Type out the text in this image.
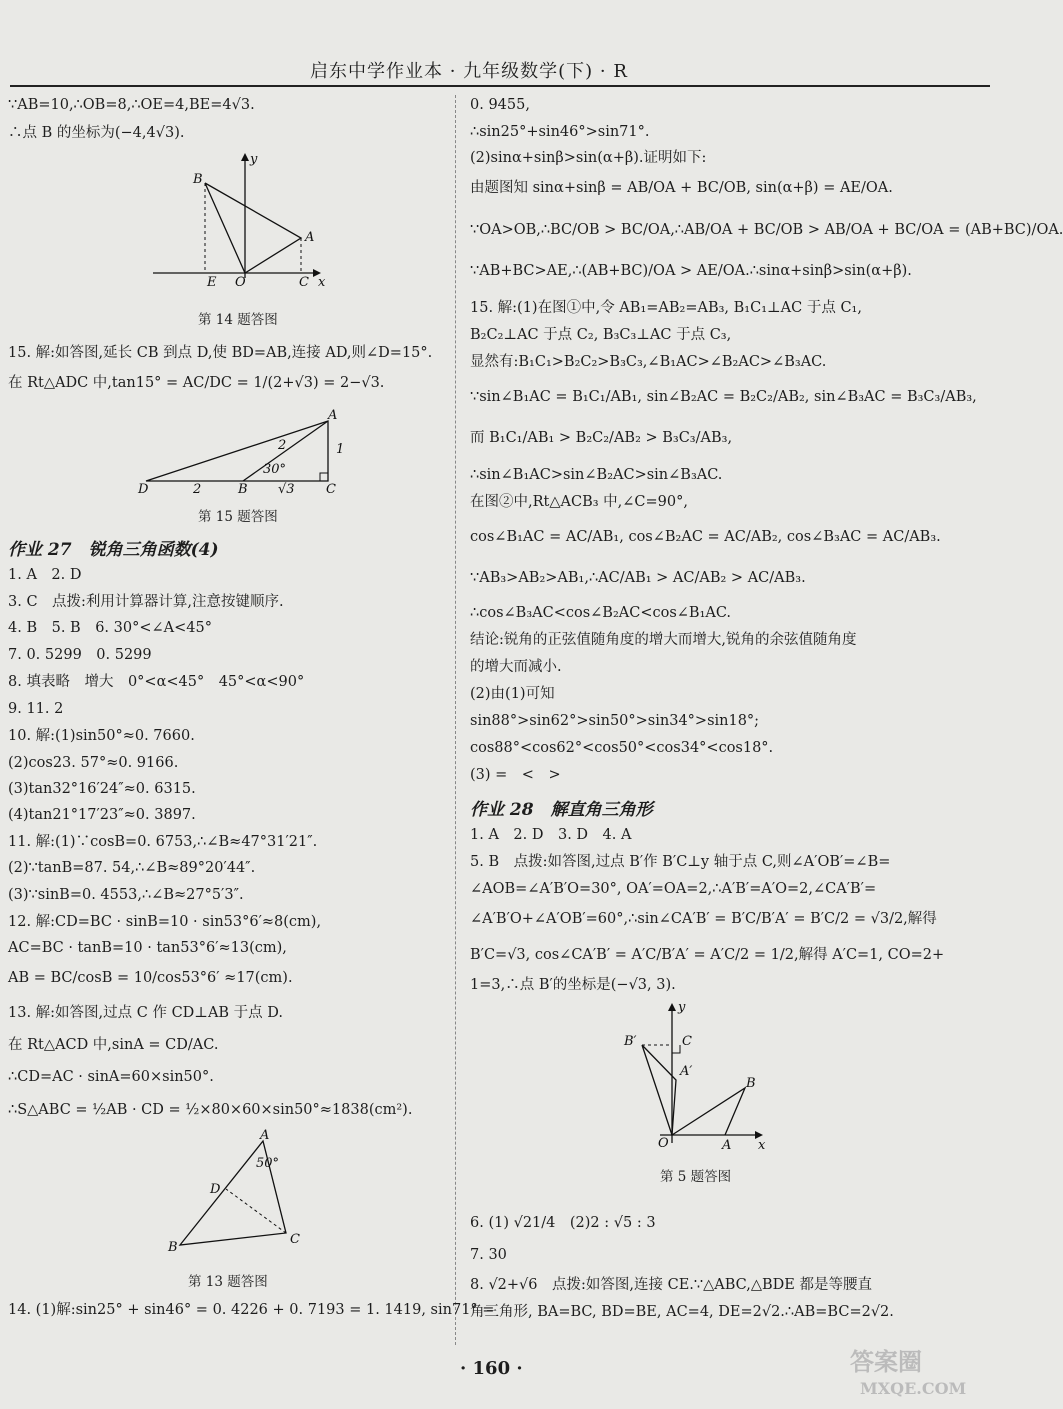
启东中学作业本 · 九年级数学(下) · R
∵AB=10,∴OB=8,∴OE=4,BE=4√3.
∴点 B 的坐标为(−4,4√3).
B
A
E O	C x
y
第 14 题答图
15. 解:如答图,延长 CB 到点 D,使 BD=AB,连接 AD,则∠D=15°.
在 Rt△ADC 中,tan15° = AC/DC = 1/(2+√3) = 2−√3.
D	B	C
A
2
2	1
30°
√3
第 15 题答图
作业 27　锐角三角函数(4)
1. A　2. D
3. C　点拨:利用计算器计算,注意按键顺序.
4. B　5. B　6. 30°<∠A<45°
7. 0. 5299　0. 5299
8. 填表略　增大　0°<α<45°　45°<α<90°
9. 11. 2
10. 解:(1)sin50°≈0. 7660.
(2)cos23. 57°≈0. 9166.
(3)tan32°16′24″≈0. 6315.
(4)tan21°17′23″≈0. 3897.
11. 解:(1)∵cosB=0. 6753,∴∠B≈47°31′21″.
(2)∵tanB=87. 54,∴∠B≈89°20′44″.
(3)∵sinB=0. 4553,∴∠B≈27°5′3″.
12. 解:CD=BC · sinB=10 · sin53°6′≈8(cm),
AC=BC · tanB=10 · tan53°6′≈13(cm),
AB = BC/cosB = 10/cos53°6′ ≈17(cm).
13. 解:如答图,过点 C 作 CD⊥AB 于点 D.
在 Rt△ACD 中,sinA = CD/AC.
∴CD=AC · sinA=60×sin50°.
∴S△ABC = ½AB · CD = ½×80×60×sin50°≈1838(cm²).
A
D
B
C
50°
第 13 题答图
14. (1)解:sin25° + sin46° = 0. 4226 + 0. 7193 = 1. 1419, sin71° =
0. 9455,
∴sin25°+sin46°>sin71°.
(2)sinα+sinβ>sin(α+β).证明如下:
由题图知 sinα+sinβ = AB/OA + BC/OB, sin(α+β) = AE/OA.
∵OA>OB,∴BC/OB > BC/OA,∴AB/OA + BC/OB > AB/OA + BC/OA = (AB+BC)/OA.
∵AB+BC>AE,∴(AB+BC)/OA > AE/OA.∴sinα+sinβ>sin(α+β).
15. 解:(1)在图①中,令 AB₁=AB₂=AB₃, B₁C₁⊥AC 于点 C₁,
B₂C₂⊥AC 于点 C₂, B₃C₃⊥AC 于点 C₃,
显然有:B₁C₁>B₂C₂>B₃C₃,∠B₁AC>∠B₂AC>∠B₃AC.
∵sin∠B₁AC = B₁C₁/AB₁, sin∠B₂AC = B₂C₂/AB₂, sin∠B₃AC = B₃C₃/AB₃,
而 B₁C₁/AB₁ > B₂C₂/AB₂ > B₃C₃/AB₃,
∴sin∠B₁AC>sin∠B₂AC>sin∠B₃AC.
在图②中,Rt△ACB₃ 中,∠C=90°,
cos∠B₁AC = AC/AB₁, cos∠B₂AC = AC/AB₂, cos∠B₃AC = AC/AB₃.
∵AB₃>AB₂>AB₁,∴AC/AB₁ > AC/AB₂ > AC/AB₃.
∴cos∠B₃AC<cos∠B₂AC<cos∠B₁AC.
结论:锐角的正弦值随角度的增大而增大,锐角的余弦值随角度
的增大而减小.
(2)由(1)可知
sin88°>sin62°>sin50°>sin34°>sin18°;
cos88°<cos62°<cos50°<cos34°<cos18°.
(3) =　<　>
作业 28　解直角三角形
1. A　2. D　3. D　4. A
5. B　点拨:如答图,过点 B′作 B′C⊥y 轴于点 C,则∠A′OB′=∠B=
∠AOB=∠A′B′O=30°, OA′=OA=2,∴A′B′=A′O=2,∠CA′B′=
∠A′B′O+∠A′OB′=60°,∴sin∠CA′B′ = B′C/B′A′ = B′C/2 = √3/2,解得
B′C=√3, cos∠CA′B′ = A′C/B′A′ = A′C/2 = 1/2,解得 A′C=1, CO=2+
1=3,∴点 B′的坐标是(−√3, 3).
B′	C
A′
B
O	A x
y
第 5 题答图
6. (1) √21/4　(2)2 : √5 : 3
7. 30
8. √2+√6　点拨:如答图,连接 CE.∵△ABC,△BDE 都是等腰直
角三角形, BA=BC, BD=BE, AC=4, DE=2√2.∴AB=BC=2√2.
· 160 ·	答案圈
MXQE.COM
